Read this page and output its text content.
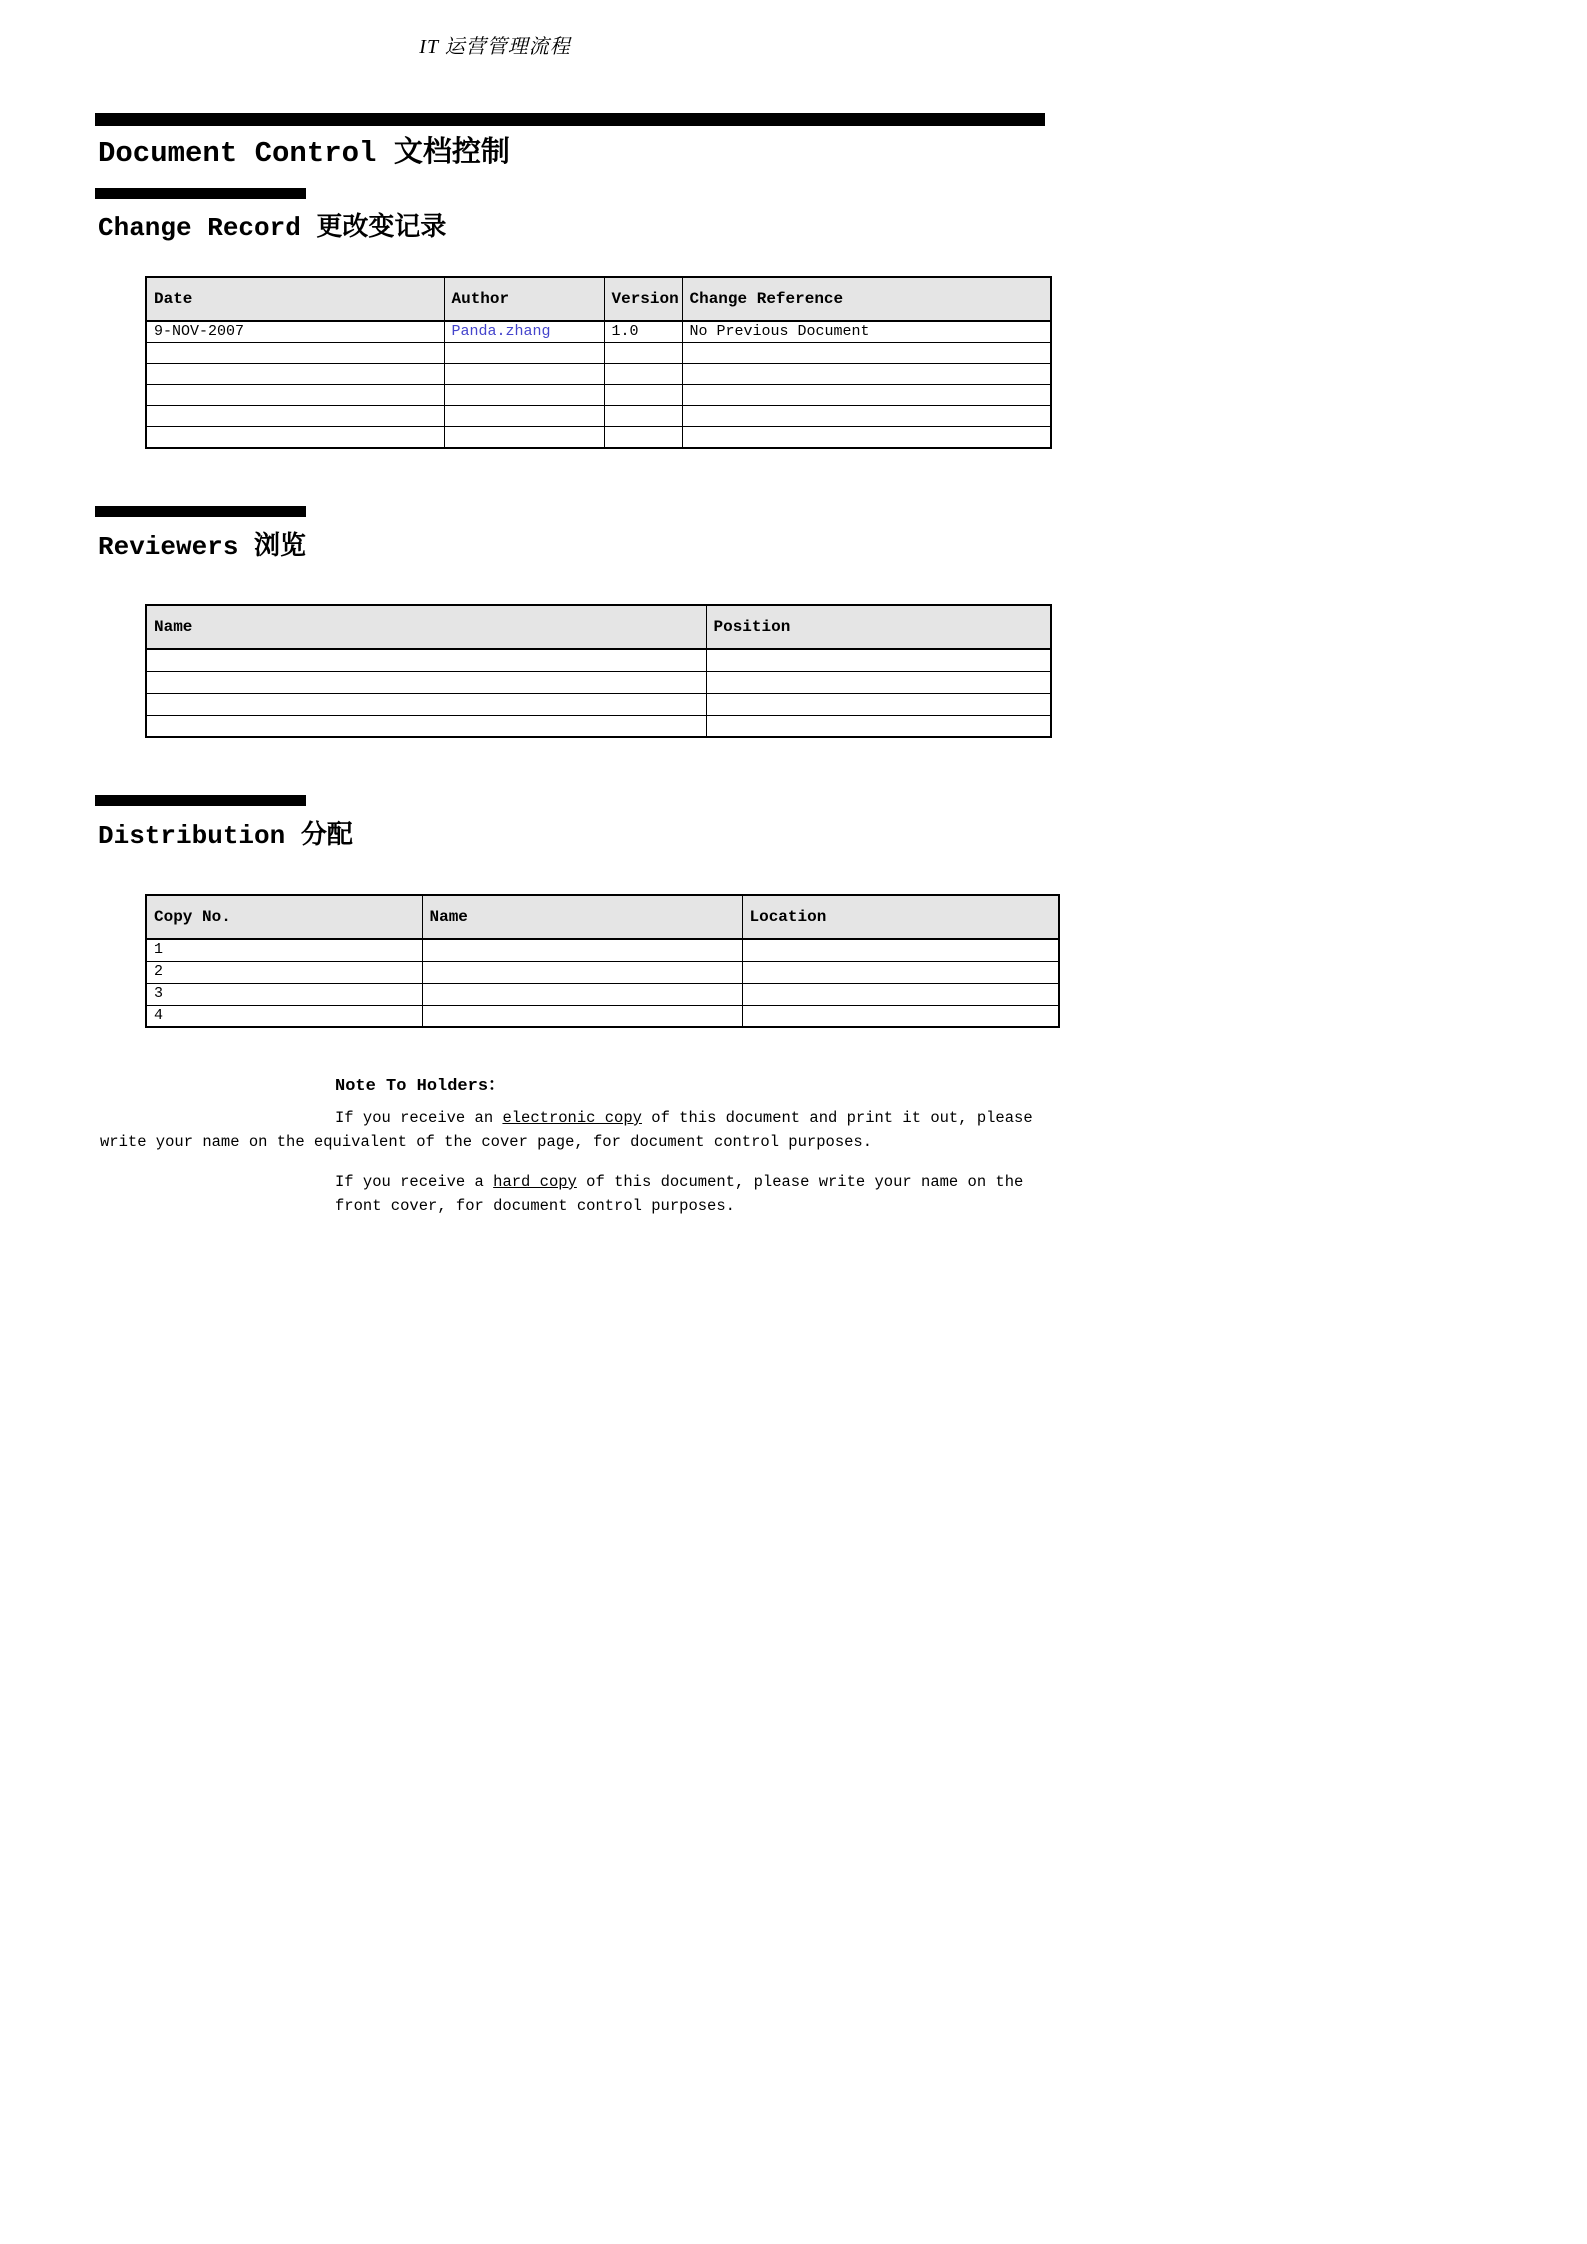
IT 运营管理流程
Document Control 文档控制
Change Record 更改变记录
Date	Author	Version	Change Reference
9-NOV-2007	Panda.zhang	1.0	No Previous Document

Reviewers 浏览
Name	Position

Distribution 分配
Copy No.	Name	Location
1		
2		
3		
4		
Note To Holders：

If you receive an electronic copy of this document and print it out, please write your name on the equivalent of the cover page, for document control purposes.

If you receive a hard copy of this document, please write your name on the front cover, for document control purposes.
